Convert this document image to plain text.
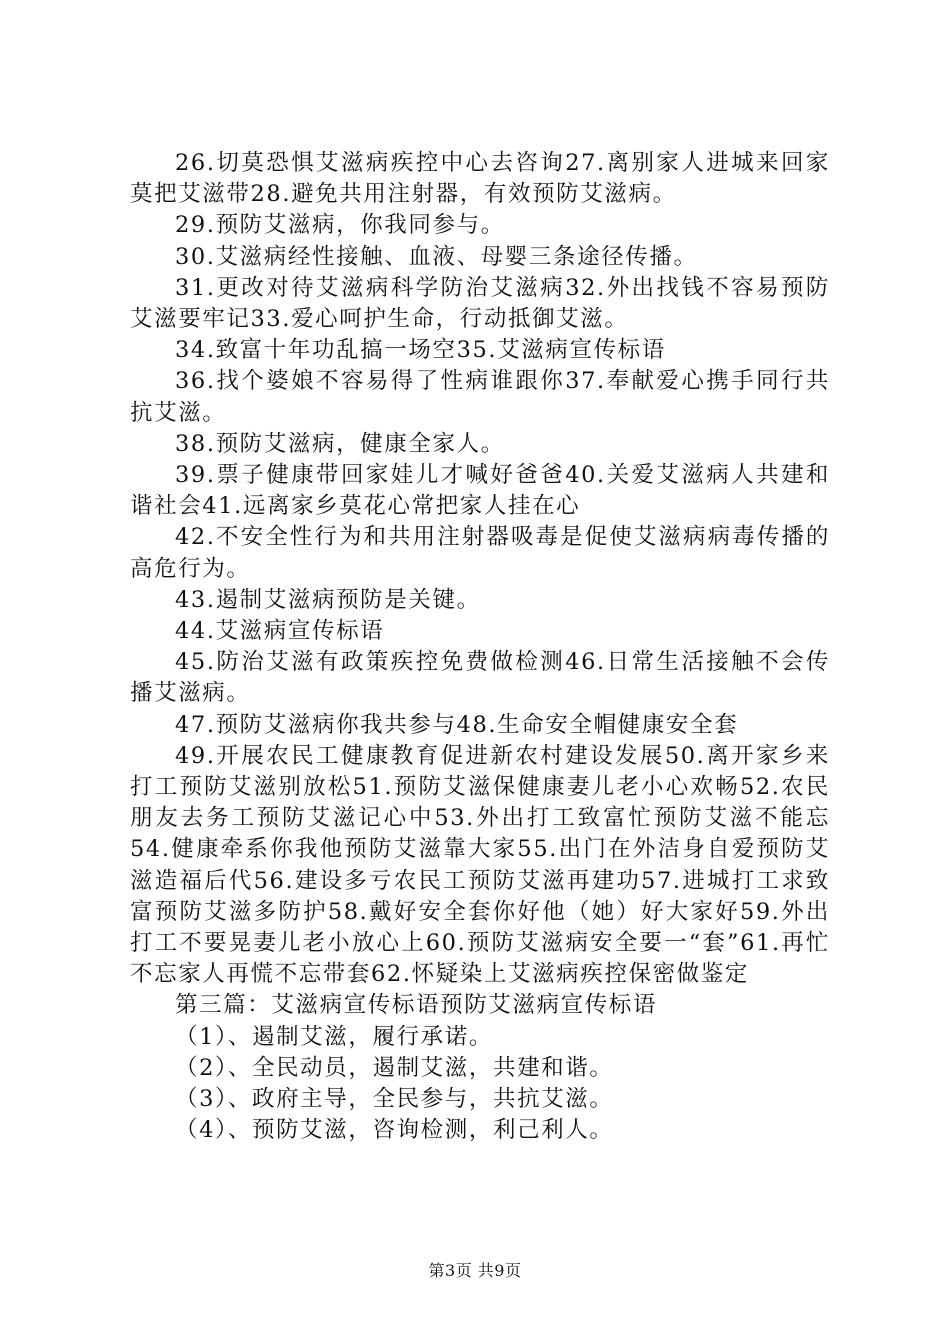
26.切莫恐惧艾滋病疾控中心去咨询27.离别家人进城来回家莫把艾滋带28.避免共用注射器，有效预防艾滋病。

29.预防艾滋病，你我同参与。

30.艾滋病经性接触、血液、母婴三条途径传播。

31.更改对待艾滋病科学防治艾滋病32.外出找钱不容易预防艾滋要牢记33.爱心呵护生命，行动抵御艾滋。

34.致富十年功乱搞一场空35.艾滋病宣传标语

36.找个婆娘不容易得了性病谁跟你37.奉献爱心携手同行共抗艾滋。

38.预防艾滋病，健康全家人。

39.票子健康带回家娃儿才喊好爸爸40.关爱艾滋病人共建和谐社会41.远离家乡莫花心常把家人挂在心

42.不安全性行为和共用注射器吸毒是促使艾滋病病毒传播的高危行为。

43.遏制艾滋病预防是关键。

44.艾滋病宣传标语

45.防治艾滋有政策疾控免费做检测46.日常生活接触不会传播艾滋病。

47.预防艾滋病你我共参与48.生命安全帽健康安全套

49.开展农民工健康教育促进新农村建设发展50.离开家乡来打工预防艾滋别放松51.预防艾滋保健康妻儿老小心欢畅52.农民朋友去务工预防艾滋记心中53.外出打工致富忙预防艾滋不能忘54.健康牵系你我他预防艾滋靠大家55.出门在外洁身自爱预防艾滋造福后代56.建设多亏农民工预防艾滋再建功57.进城打工求致富预防艾滋多防护58.戴好安全套你好他（她）好大家好59.外出打工不要晃妻儿老小放心上60.预防艾滋病安全要一“套”61.再忙不忘家人再慌不忘带套62.怀疑染上艾滋病疾控保密做鉴定

第三篇：艾滋病宣传标语预防艾滋病宣传标语

（1）、遏制艾滋，履行承诺。

（2）、全民动员，遏制艾滋，共建和谐。

（3）、政府主导，全民参与，共抗艾滋。

（4）、预防艾滋，咨询检测，利己利人。

第3页 共9页
